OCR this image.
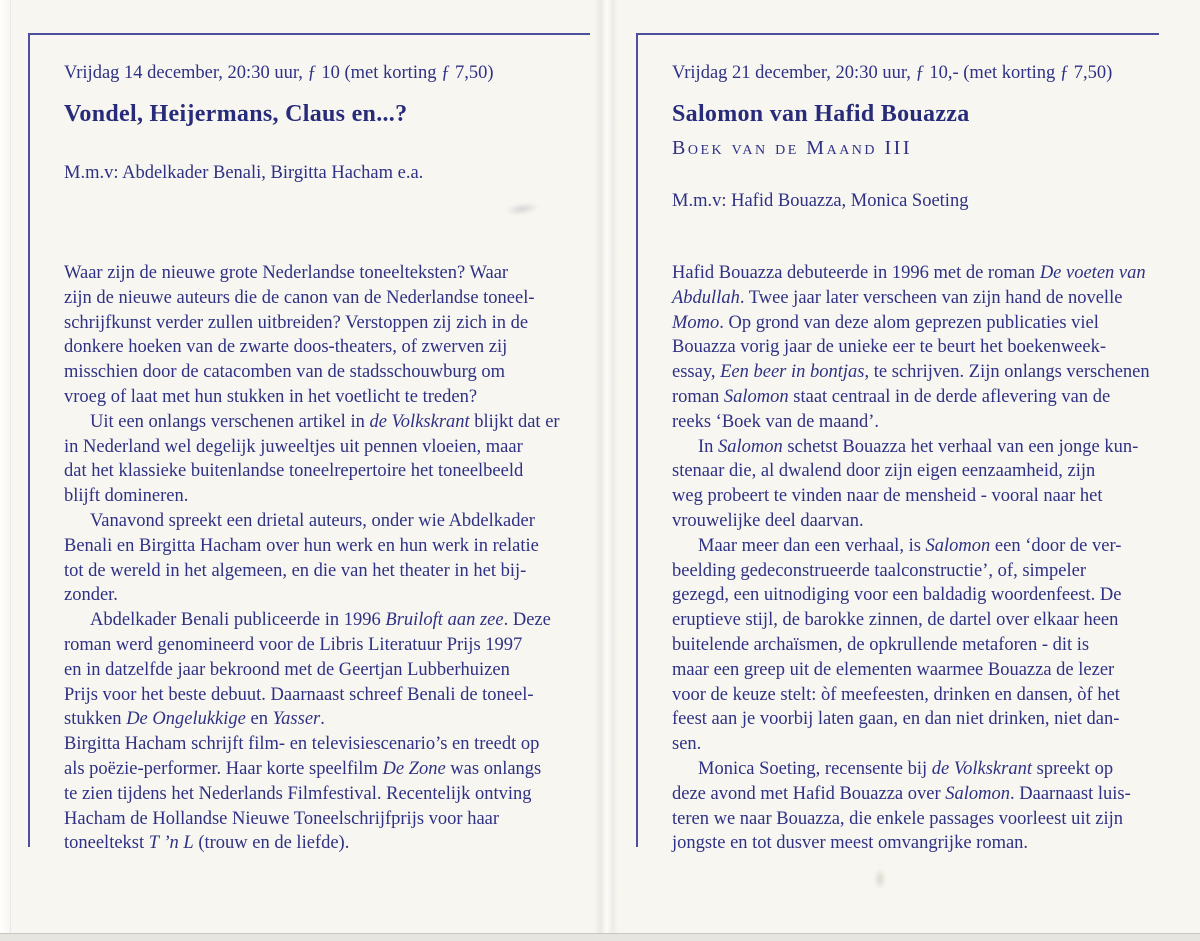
Vrijdag 14 december, 20:30 uur, ƒ 10 (met korting ƒ 7,50)
Vondel, Heijermans, Claus en...?
M.m.v: Abdelkader Benali, Birgitta Hacham e.a.
Waar zijn de nieuwe grote Nederlandse toneelteksten? Waar
zijn de nieuwe auteurs die de canon van de Nederlandse toneel-
schrijfkunst verder zullen uitbreiden? Verstoppen zij zich in de
donkere hoeken van de zwarte doos-theaters, of zwerven zij
misschien door de catacomben van de stadsschouwburg om
vroeg of laat met hun stukken in het voetlicht te treden?
Uit een onlangs verschenen artikel in de Volkskrant blijkt dat er
in Nederland wel degelijk juweeltjes uit pennen vloeien, maar
dat het klassieke buitenlandse toneelrepertoire het toneelbeeld
blijft domineren.
Vanavond spreekt een drietal auteurs, onder wie Abdelkader
Benali en Birgitta Hacham over hun werk en hun werk in relatie
tot de wereld in het algemeen, en die van het theater in het bij-
zonder.
Abdelkader Benali publiceerde in 1996 Bruiloft aan zee. Deze
roman werd genomineerd voor de Libris Literatuur Prijs 1997
en in datzelfde jaar bekroond met de Geertjan Lubberhuizen
Prijs voor het beste debuut. Daarnaast schreef Benali de toneel-
stukken De Ongelukkige en Yasser.
Birgitta Hacham schrijft film- en televisiescenario’s en treedt op
als poëzie-performer. Haar korte speelfilm De Zone was onlangs
te zien tijdens het Nederlands Filmfestival. Recentelijk ontving
Hacham de Hollandse Nieuwe Toneelschrijfprijs voor haar
toneeltekst T ’n L (trouw en de liefde).
Vrijdag 21 december, 20:30 uur, ƒ 10,- (met korting ƒ 7,50)
Salomon van Hafid Bouazza
Boek van de Maand III
M.m.v: Hafid Bouazza, Monica Soeting
Hafid Bouazza debuteerde in 1996 met de roman De voeten van
Abdullah. Twee jaar later verscheen van zijn hand de novelle
Momo. Op grond van deze alom geprezen publicaties viel
Bouazza vorig jaar de unieke eer te beurt het boekenweek-
essay, Een beer in bontjas, te schrijven. Zijn onlangs verschenen
roman Salomon staat centraal in de derde aflevering van de
reeks ‘Boek van de maand’.
In Salomon schetst Bouazza het verhaal van een jonge kun-
stenaar die, al dwalend door zijn eigen eenzaamheid, zijn
weg probeert te vinden naar de mensheid - vooral naar het
vrouwelijke deel daarvan.
Maar meer dan een verhaal, is Salomon een ‘door de ver-
beelding gedeconstrueerde taalconstructie’, of, simpeler
gezegd, een uitnodiging voor een baldadig woordenfeest. De
eruptieve stijl, de barokke zinnen, de dartel over elkaar heen
buitelende archaïsmen, de opkrullende metaforen - dit is
maar een greep uit de elementen waarmee Bouazza de lezer
voor de keuze stelt: òf meefeesten, drinken en dansen, òf het
feest aan je voorbij laten gaan, en dan niet drinken, niet dan-
sen.
Monica Soeting, recensente bij de Volkskrant spreekt op
deze avond met Hafid Bouazza over Salomon. Daarnaast luis-
teren we naar Bouazza, die enkele passages voorleest uit zijn
jongste en tot dusver meest omvangrijke roman.
